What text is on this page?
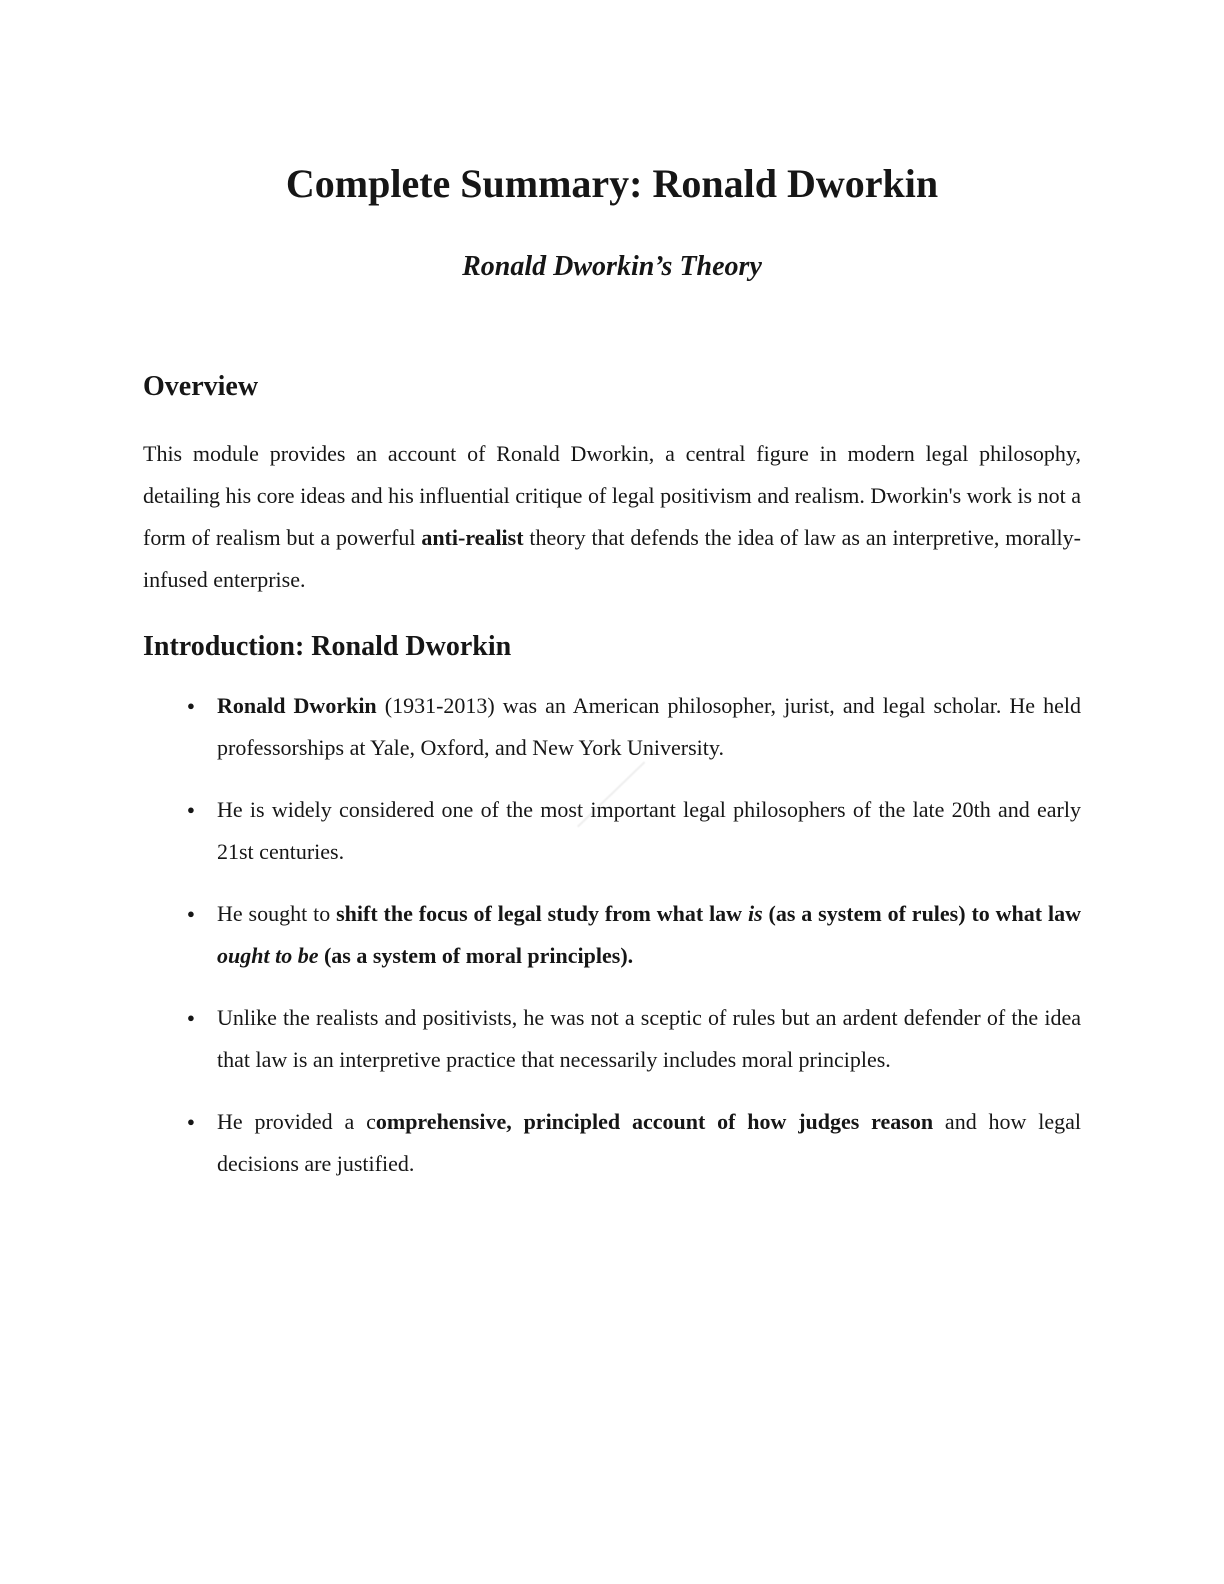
Complete Summary: Ronald Dworkin
Ronald Dworkin’s Theory
Overview

This module provides an account of Ronald Dworkin, a central figure in modern legal philosophy, detailing his core ideas and his influential critique of legal positivism and realism. Dworkin's work is not a form of realism but a powerful anti-realist theory that defends the idea of law as an interpretive, morally-infused enterprise.

Introduction: Ronald Dworkin
● Ronald Dworkin (1931-2013) was an American philosopher, jurist, and legal scholar. He held professorships at Yale, Oxford, and New York University.
● He is widely considered one of the most important legal philosophers of the late 20th and early 21st centuries.
● He sought to shift the focus of legal study from what law is (as a system of rules) to what law ought to be (as a system of moral principles).
● Unlike the realists and positivists, he was not a sceptic of rules but an ardent defender of the idea that law is an interpretive practice that necessarily includes moral principles.
● He provided a comprehensive, principled account of how judges reason and how legal decisions are justified.
